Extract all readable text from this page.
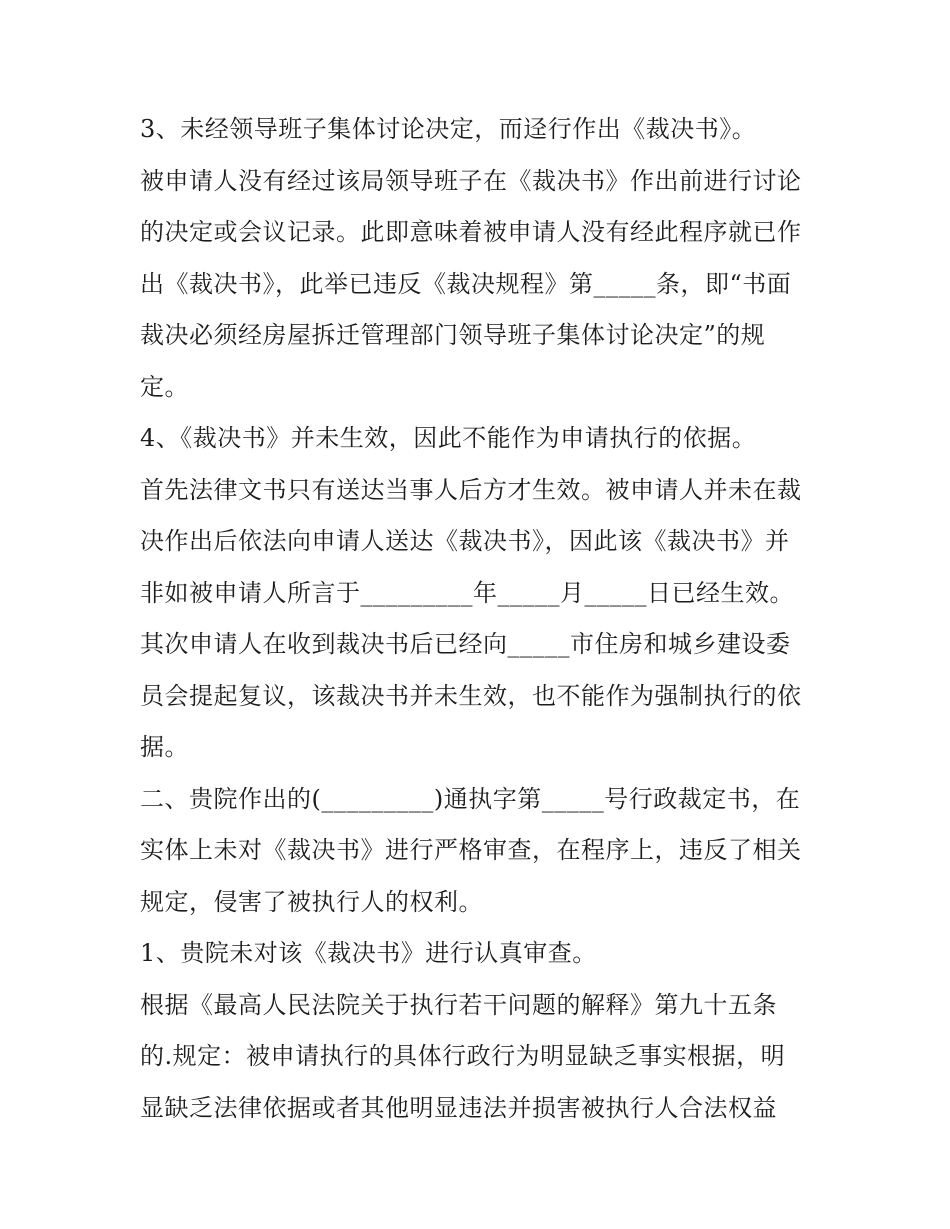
3、未经领导班子集体讨论决定，而迳行作出《裁决书》。
被申请人没有经过该局领导班子在《裁决书》作出前进行讨论
的决定或会议记录。此即意味着被申请人没有经此程序就已作
出《裁决书》，此举已违反《裁决规程》第_____条，即“书面
裁决必须经房屋拆迁管理部门领导班子集体讨论决定”的规
定。
4、《裁决书》并未生效，因此不能作为申请执行的依据。
首先法律文书只有送达当事人后方才生效。被申请人并未在裁
决作出后依法向申请人送达《裁决书》，因此该《裁决书》并
非如被申请人所言于_________年_____月_____日已经生效。
其次申请人在收到裁决书后已经向_____市住房和城乡建设委
员会提起复议，该裁决书并未生效，也不能作为强制执行的依
据。
二、贵院作出的(_________)通执字第_____号行政裁定书，在
实体上未对《裁决书》进行严格审查，在程序上，违反了相关
规定，侵害了被执行人的权利。
1、贵院未对该《裁决书》进行认真审查。
根据《最高人民法院关于执行若干问题的解释》第九十五条
的.规定：被申请执行的具体行政行为明显缺乏事实根据，明
显缺乏法律依据或者其他明显违法并损害被执行人合法权益
